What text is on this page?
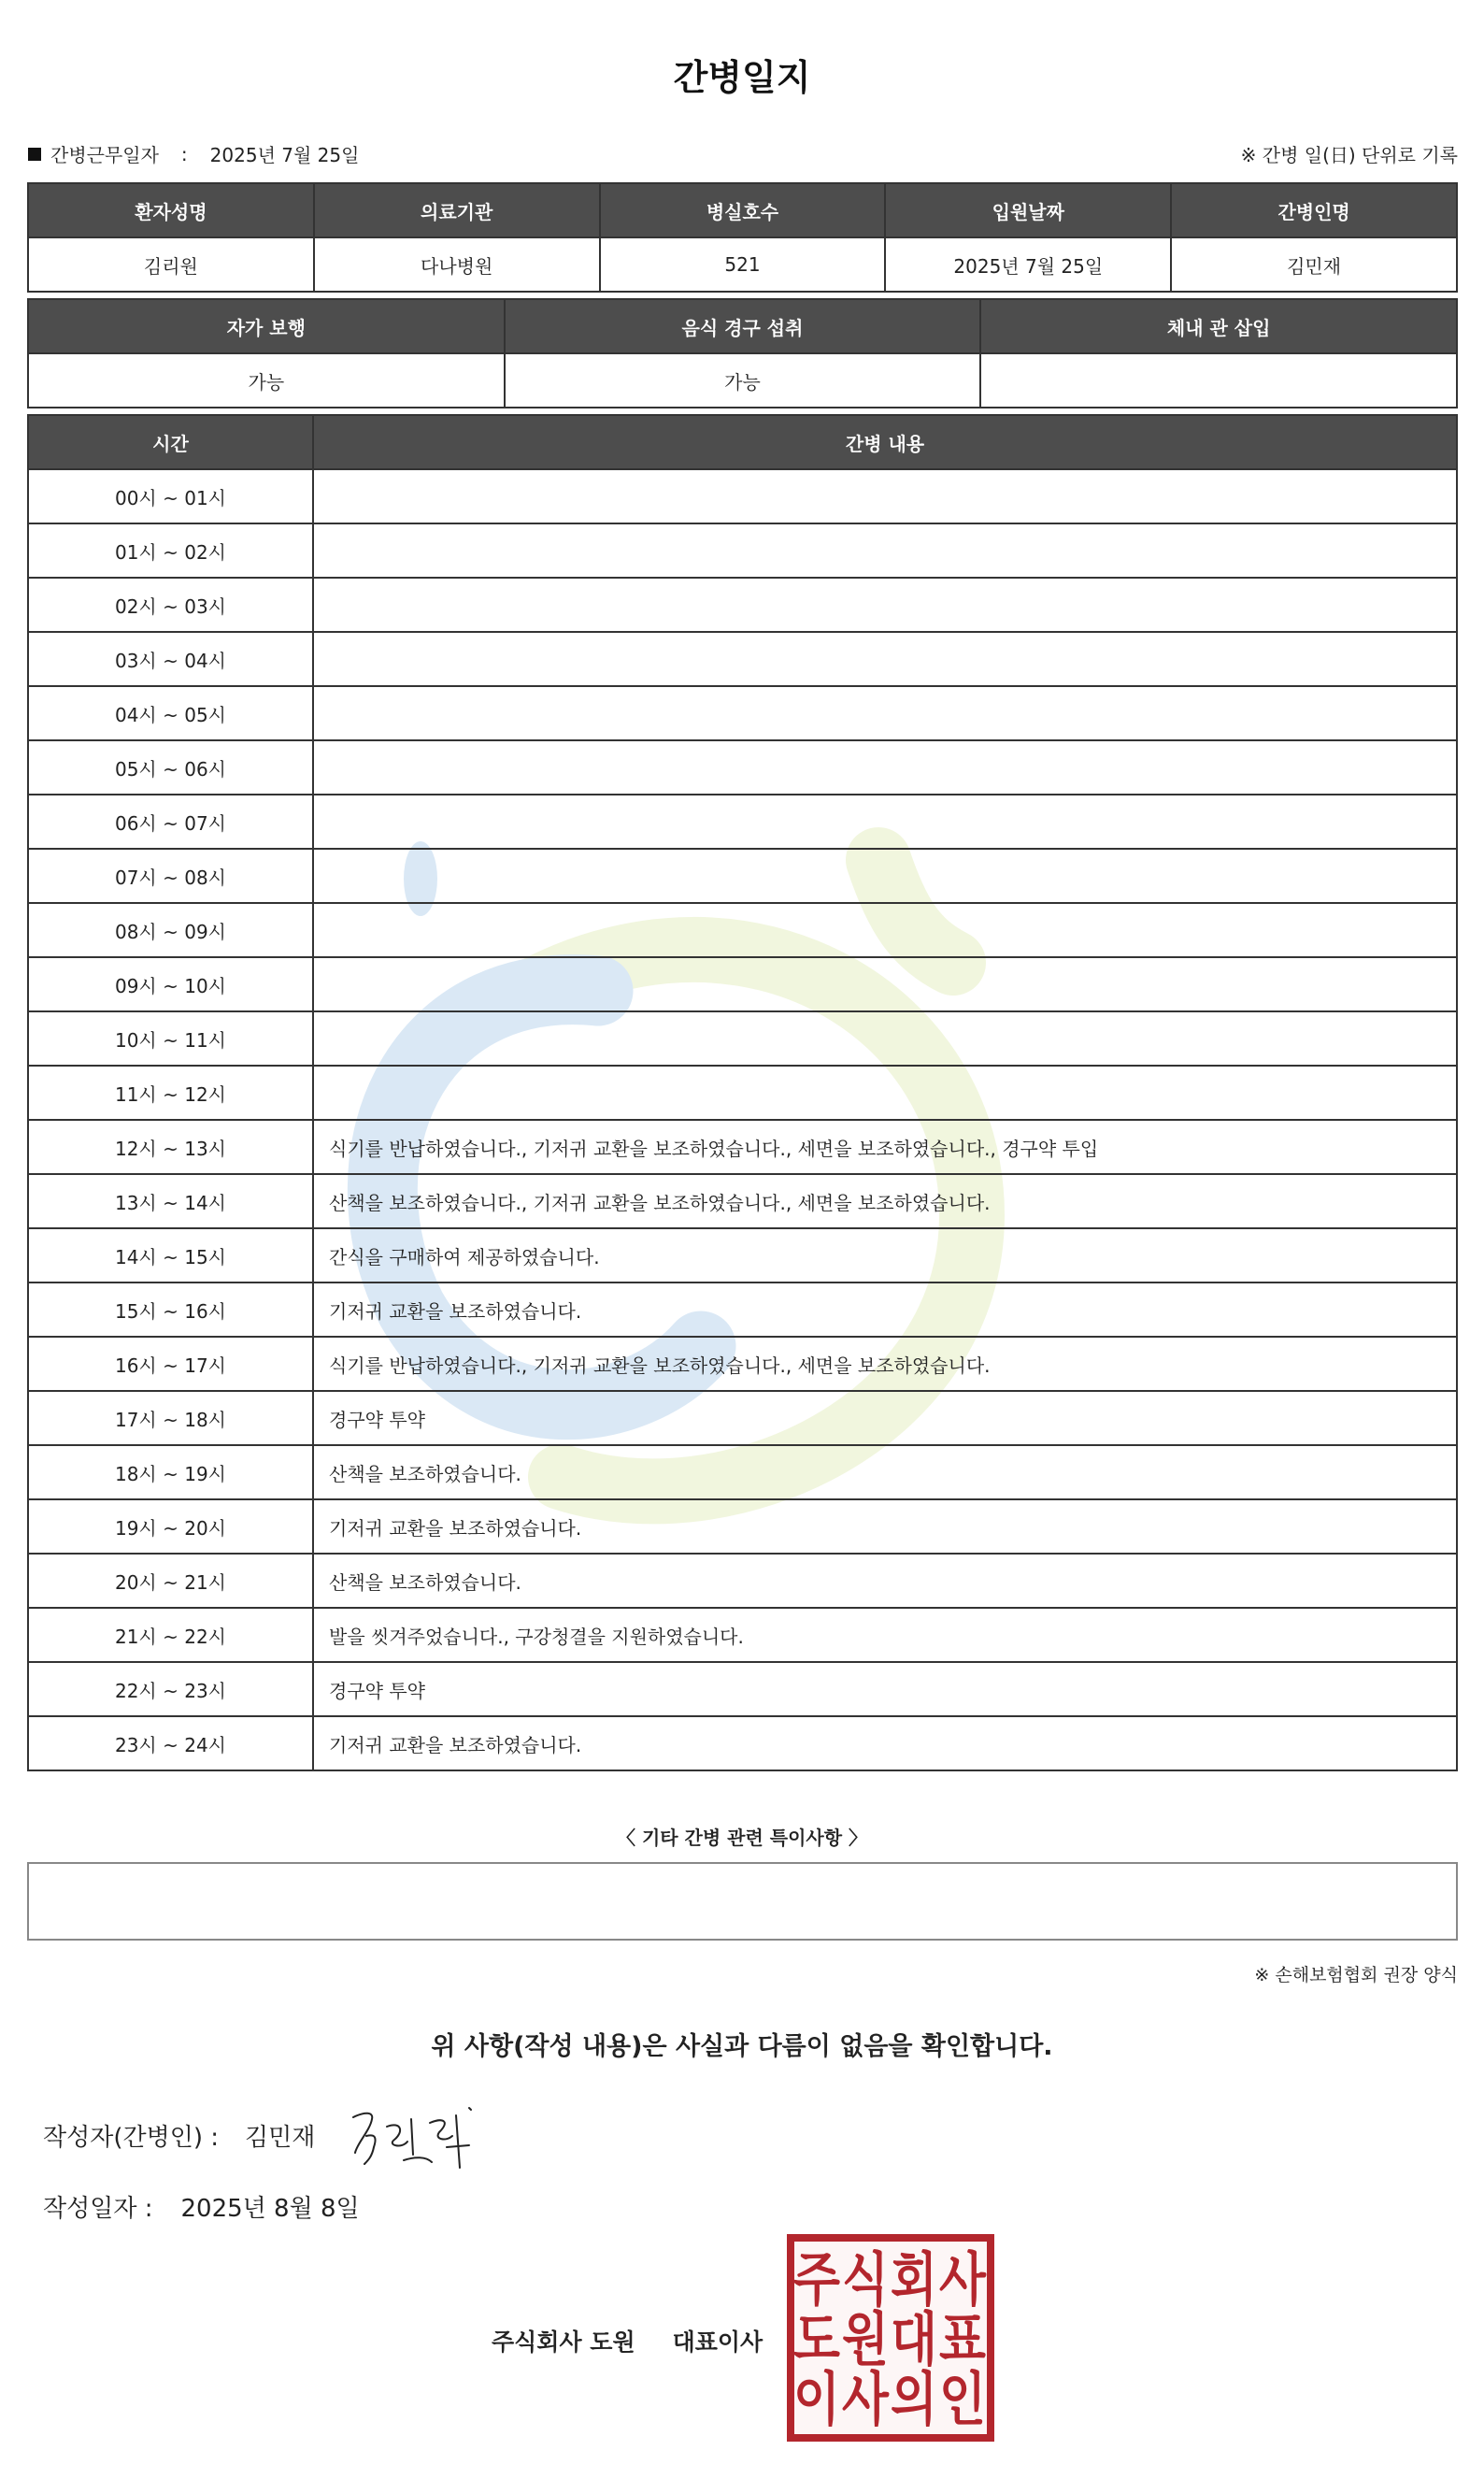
간병일지
간병근무일자 : 2025년 7월 25일	※ 간병 일(日) 단위로 기록
환자성명	의료기관	병실호수	입원날짜	간병인명
김리원	다나병원	521	2025년 7월 25일	김민재
자가 보행	음식 경구 섭취	체내 관 삽입
가능	가능	
시간	간병 내용
00시 ~ 01시	
01시 ~ 02시	
02시 ~ 03시	
03시 ~ 04시	
04시 ~ 05시	
05시 ~ 06시	
06시 ~ 07시	
07시 ~ 08시	
08시 ~ 09시	
09시 ~ 10시	
10시 ~ 11시	
11시 ~ 12시	
12시 ~ 13시	식기를 반납하였습니다., 기저귀 교환을 보조하였습니다., 세면을 보조하였습니다., 경구약 투입
13시 ~ 14시	산책을 보조하였습니다., 기저귀 교환을 보조하였습니다., 세면을 보조하였습니다.
14시 ~ 15시	간식을 구매하여 제공하였습니다.
15시 ~ 16시	기저귀 교환을 보조하였습니다.
16시 ~ 17시	식기를 반납하였습니다., 기저귀 교환을 보조하였습니다., 세면을 보조하였습니다.
17시 ~ 18시	경구약 투약
18시 ~ 19시	산책을 보조하였습니다.
19시 ~ 20시	기저귀 교환을 보조하였습니다.
20시 ~ 21시	산책을 보조하였습니다.
21시 ~ 22시	발을 씻겨주었습니다., 구강청결을 지원하였습니다.
22시 ~ 23시	경구약 투약
23시 ~ 24시	기저귀 교환을 보조하였습니다.
〈 기타 간병 관련 특이사항 〉
※ 손해보험협회 권장 양식
위 사항(작성 내용)은 사실과 다름이 없음을 확인합니다.
작성자(간병인) : 김민재
작성일자 : 2025년 8월 8일
주식회사 도원 대표이사
주 식 회 사
도 원 대 표
이 사 의 인
